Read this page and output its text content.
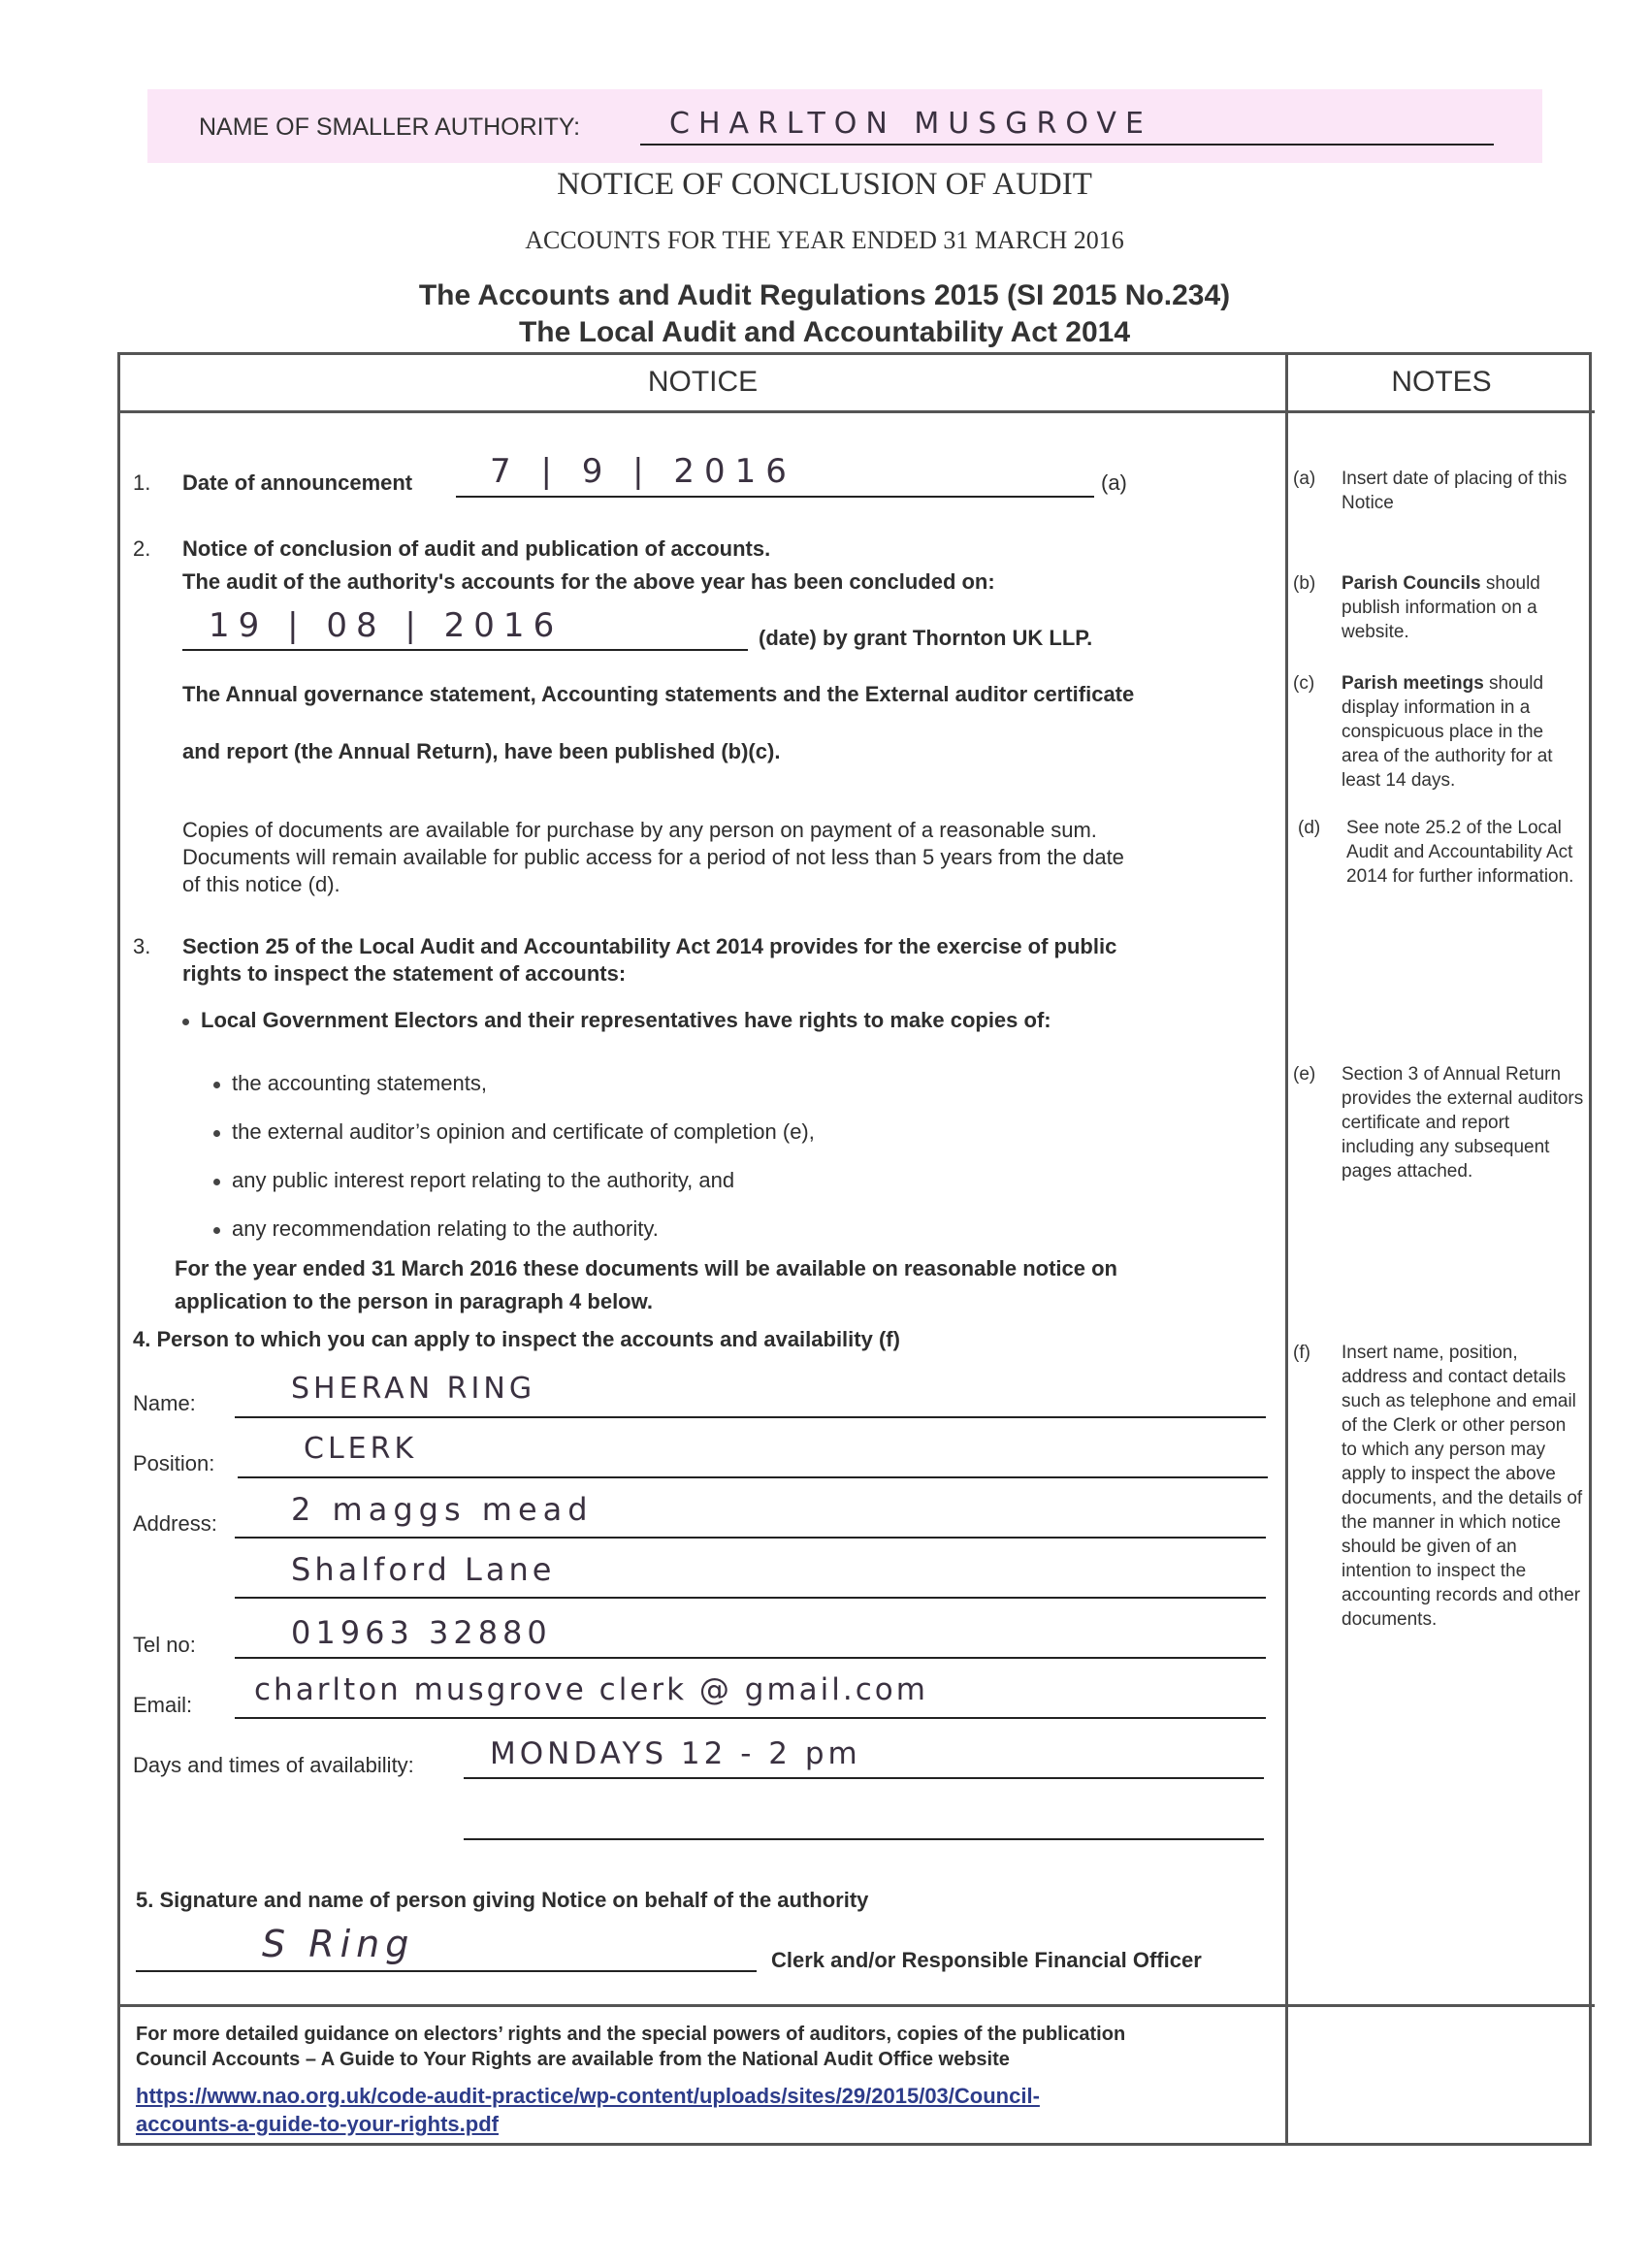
NAME OF SMALLER AUTHORITY:	CHARLTON MUSGROVE
NOTICE OF CONCLUSION OF AUDIT
ACCOUNTS FOR THE YEAR ENDED 31 MARCH 2016
The Accounts and Audit Regulations 2015 (SI 2015 No.234)
The Local Audit and Accountability Act 2014
NOTICE	NOTES
1. Date of announcement 7 | 9 | 2016	(a)
2. Notice of conclusion of audit and publication of accounts.
The audit of the authority's accounts for the above year has been concluded on:
19 | 08 | 2016	(date) by grant Thornton UK LLP.
The Annual governance statement, Accounting statements and the External auditor certificate
and report (the Annual Return), have been published (b)(c).
Copies of documents are available for purchase by any person on payment of a reasonable sum.
Documents will remain available for public access for a period of not less than 5 years from the date
of this notice (d).
3. Section 25 of the Local Audit and Accountability Act 2014 provides for the exercise of public
rights to inspect the statement of accounts:
Local Government Electors and their representatives have rights to make copies of:
the accounting statements,
the external auditor’s opinion and certificate of completion (e),
any public interest report relating to the authority, and
any recommendation relating to the authority.
For the year ended 31 March 2016 these documents will be available on reasonable notice on
application to the person in paragraph 4 below.
4. Person to which you can apply to inspect the accounts and availability (f)
Name:	SHERAN RING
Position:	CLERK
Address: 2 maggs mead
Shalford Lane
Tel no:	01963 32880
Email: charlton musgrove clerk @ gmail.com
Days and times of availability:	MONDAYS 12 - 2 pm
5. Signature and name of person giving Notice on behalf of the authority
S Ring	Clerk and/or Responsible Financial Officer
(a) Insert date of placing of this Notice
(b) Parish Councils should publish information on a website.
(c) Parish meetings should display information in a conspicuous place in the area of the authority for at least 14 days.
(d) See note 25.2 of the Local Audit and Accountability Act 2014 for further information.
(e) Section 3 of Annual Return provides the external auditors certificate and report including any subsequent pages attached.
(f) Insert name, position, address and contact details such as telephone and email of the Clerk or other person to which any person may apply to inspect the above documents, and the details of the manner in which notice should be given of an intention to inspect the accounting records and other documents.
For more detailed guidance on electors’ rights and the special powers of auditors, copies of the publication
Council Accounts – A Guide to Your Rights are available from the National Audit Office website
https://www.nao.org.uk/code-audit-practice/wp-content/uploads/sites/29/2015/03/Council-
accounts-a-guide-to-your-rights.pdf
